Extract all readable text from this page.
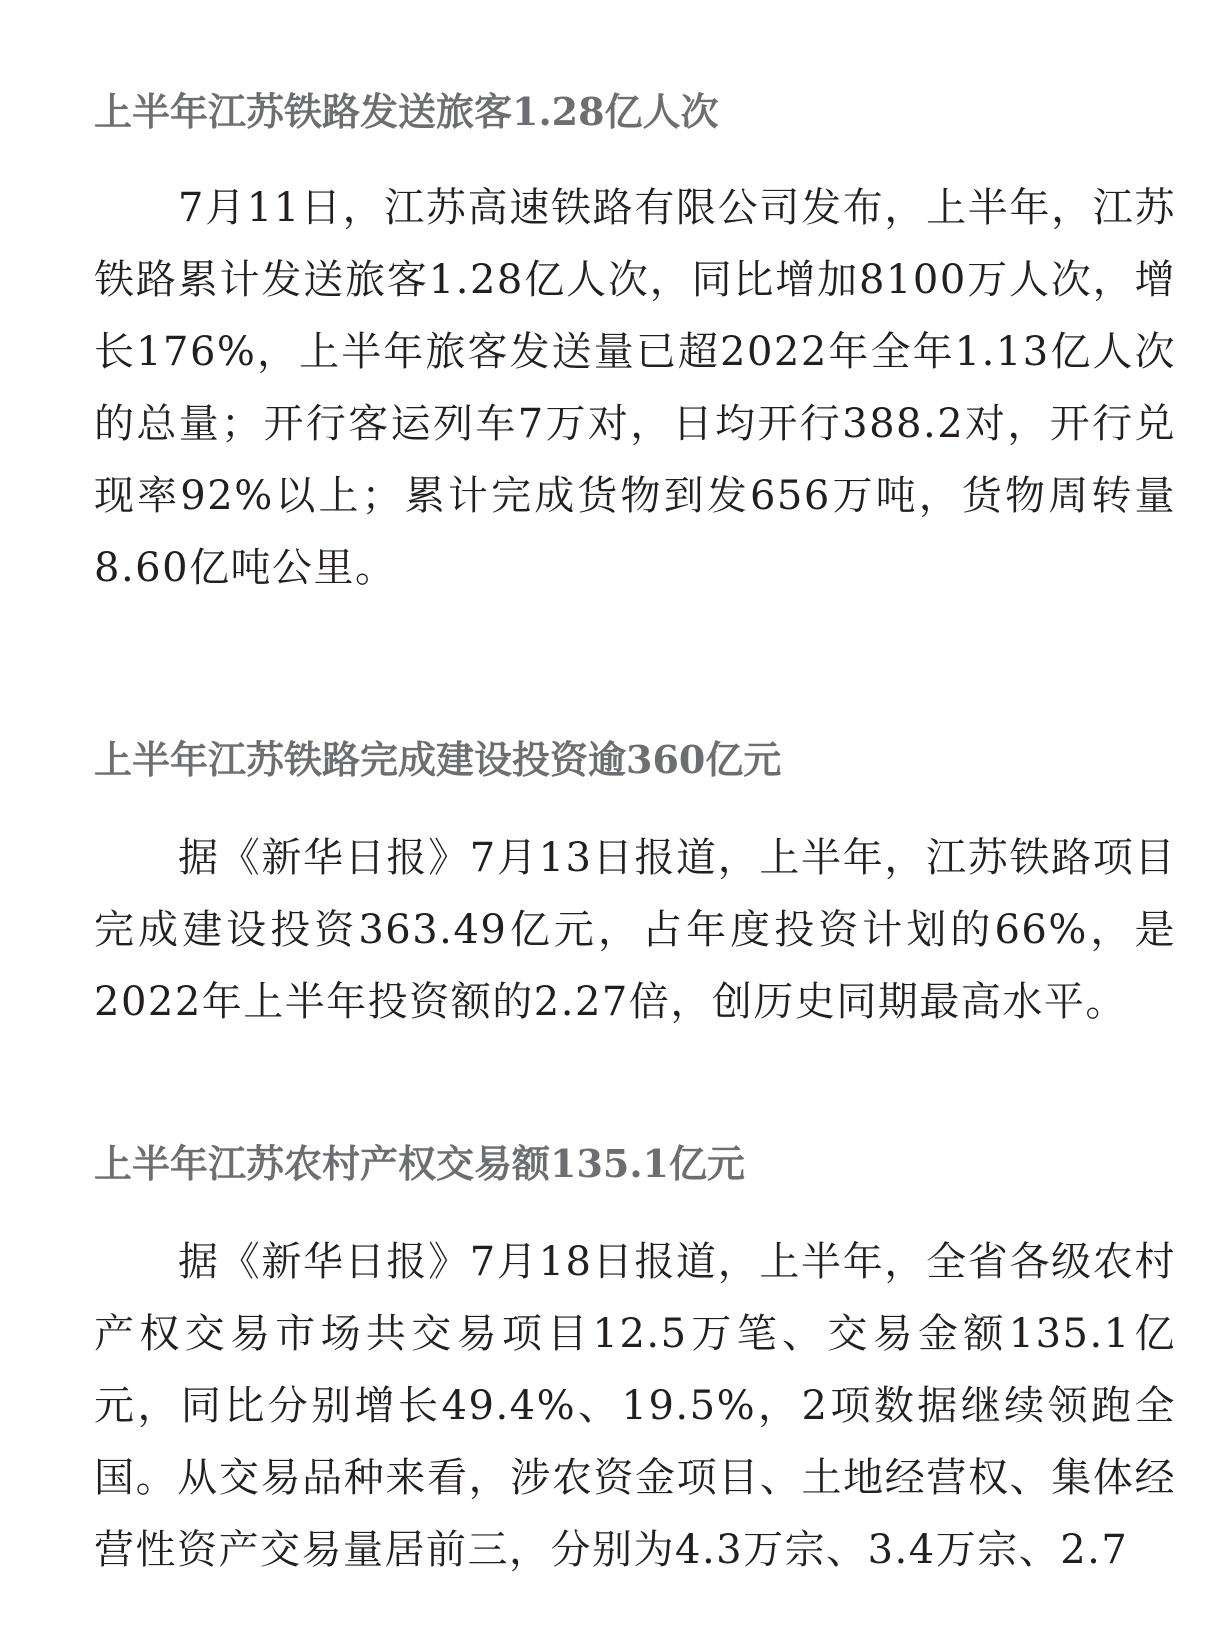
上半年江苏铁路发送旅客1.28亿人次

7月11日，江苏高速铁路有限公司发布，上半年，江苏铁路累计发送旅客1.28亿人次，同比增加8100万人次，增长176%，上半年旅客发送量已超2022年全年1.13亿人次的总量；开行客运列车7万对，日均开行388.2对，开行兑现率92%以上；累计完成货物到发656万吨，货物周转量8.60亿吨公里。

上半年江苏铁路完成建设投资逾360亿元

据《新华日报》7月13日报道，上半年，江苏铁路项目完成建设投资363.49亿元，占年度投资计划的66%，是2022年上半年投资额的2.27倍，创历史同期最高水平。

上半年江苏农村产权交易额135.1亿元

据《新华日报》7月18日报道，上半年，全省各级农村产权交易市场共交易项目12.5万笔、交易金额135.1亿元，同比分别增长49.4%、19.5%，2项数据继续领跑全国。从交易品种来看，涉农资金项目、土地经营权、集体经营性资产交易量居前三，分别为4.3万宗、3.4万宗、2.7
